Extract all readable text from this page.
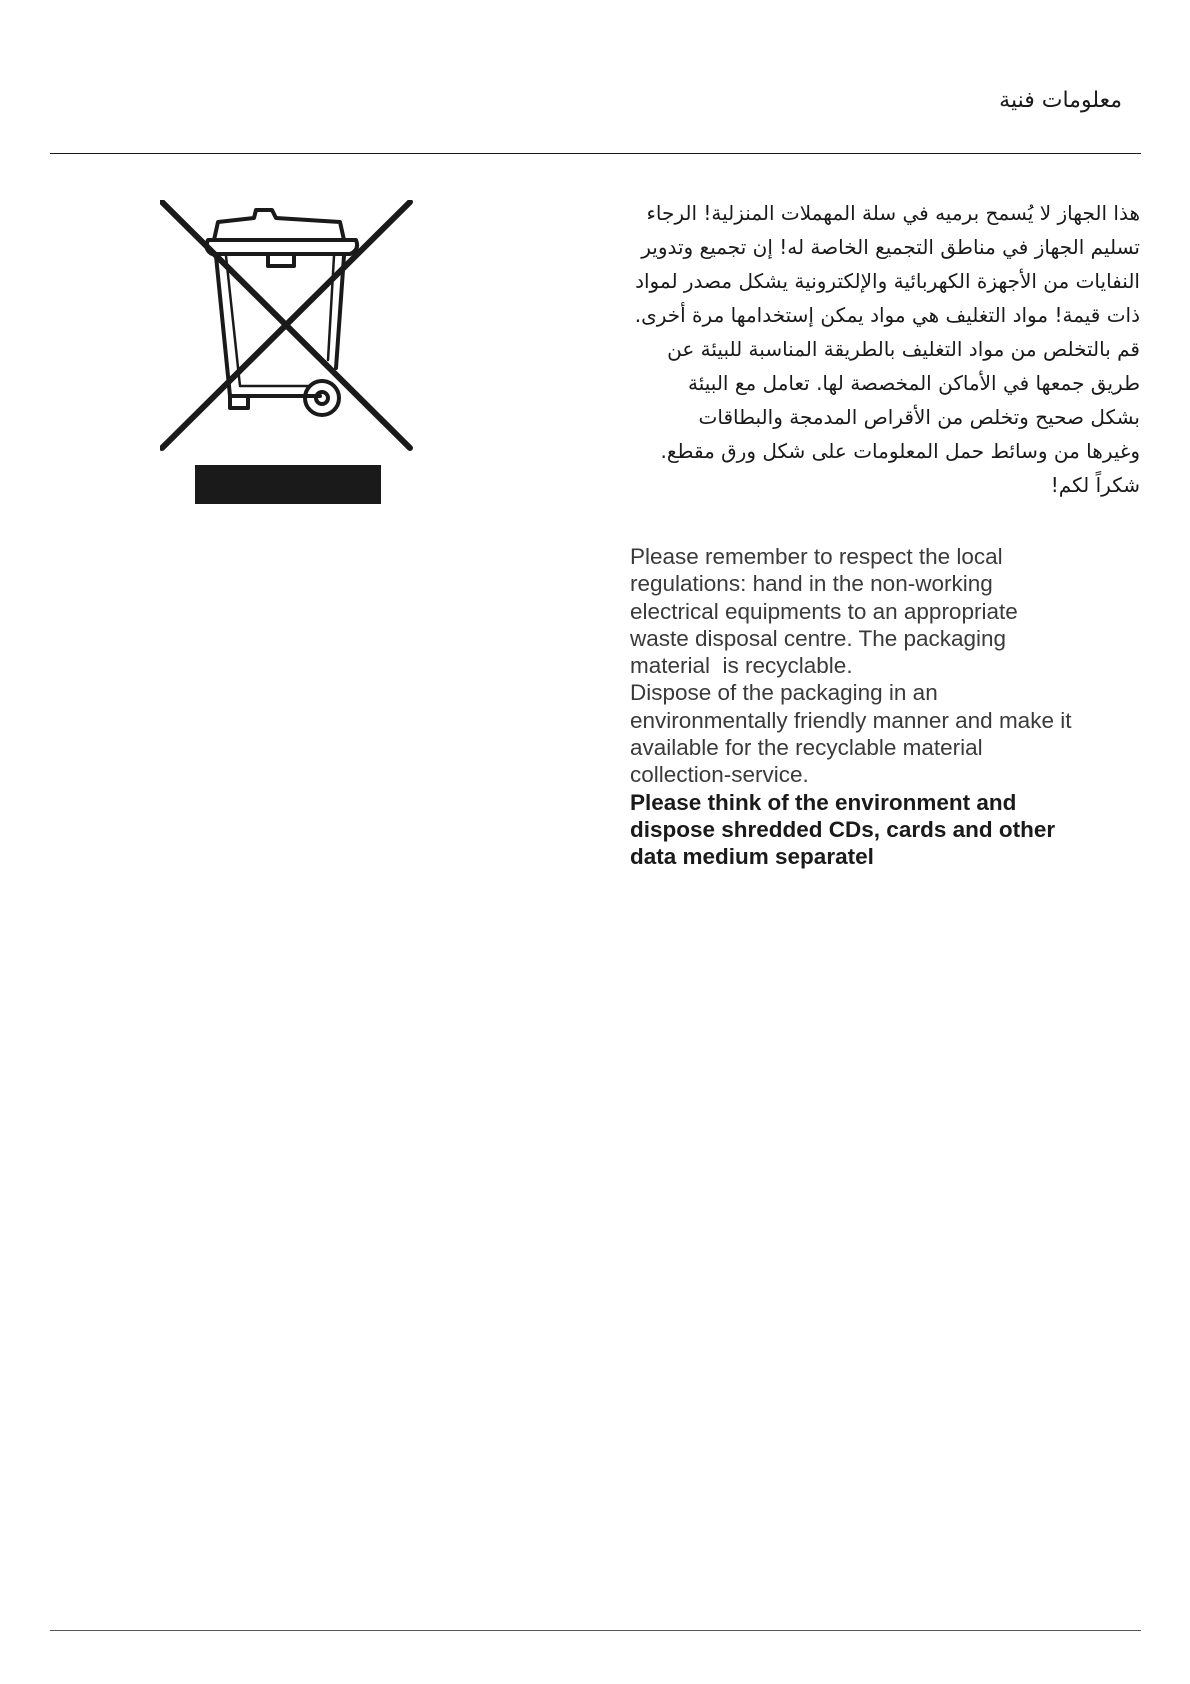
معلومات فنية
هذا الجهاز لا يُسمح برميه في سلة المهملات المنزلية! الرجاء
تسليم الجهاز في مناطق التجميع الخاصة له! إن تجميع وتدوير
النفايات من الأجهزة الكهربائية والإلكترونية يشكل مصدر لمواد
ذات قيمة! مواد التغليف هي مواد يمكن إستخدامها مرة أخرى.
قم بالتخلص من مواد التغليف بالطريقة المناسبة للبيئة عن
طريق جمعها في الأماكن المخصصة لها. تعامل مع البيئة
بشكل صحيح وتخلص من الأقراص المدمجة والبطاقات
وغيرها من وسائط حمل المعلومات على شكل ورق مقطع.
شكراً لكم!
Please remember to respect the local
regulations: hand in the non-working
electrical equipments to an appropriate
waste disposal centre. The packaging
material  is recyclable.
Dispose of the packaging in an
environmentally friendly manner and make it
available for the recyclable material
collection-service.
Please think of the environment and
dispose shredded CDs, cards and other
data medium separatel
